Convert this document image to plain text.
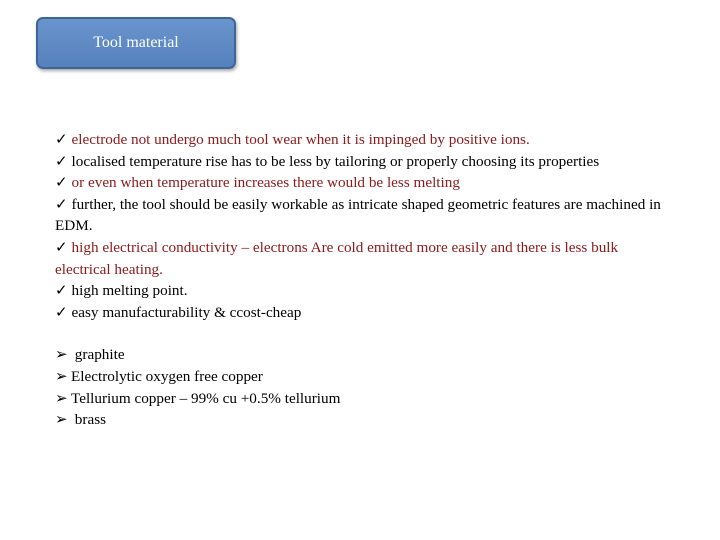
Tool material

✓ electrode not undergo much tool wear when it is impinged by positive ions.

✓ localised temperature rise has to be less by tailoring or properly choosing its properties

✓ or even when temperature increases there would be less melting

✓ further, the tool should be easily workable as intricate shaped geometric features are machined in EDM.

✓ high electrical conductivity – electrons Are cold emitted more easily and there is less bulk electrical heating.

✓ high melting point.

✓ easy manufacturability & ccost-cheap

➢ graphite

➢ Electrolytic oxygen free copper

➢ Tellurium copper – 99% cu +0.5% tellurium

➢ brass
